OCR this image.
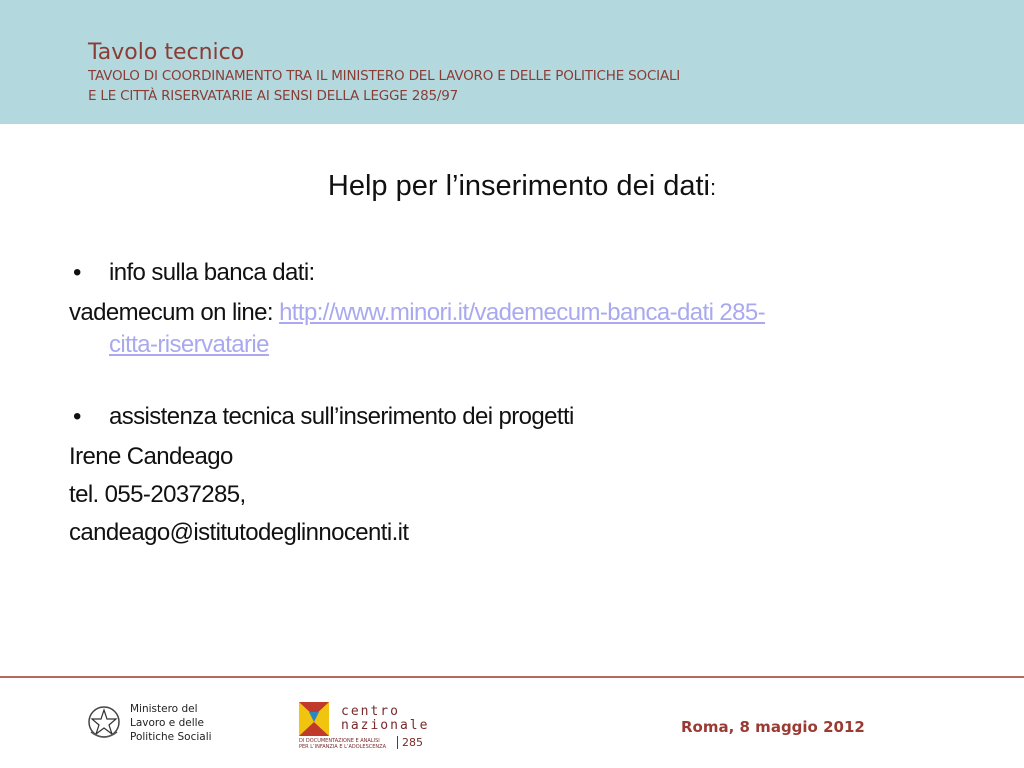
Tavolo tecnico
TAVOLO DI COORDINAMENTO TRA IL MINISTERO DEL LAVORO E DELLE POLITICHE SOCIALI
E LE CITTÀ RISERVATARIE AI SENSI DELLA LEGGE 285/97
Help per l’inserimento dei dati:
• info sulla banca dati:
vademecum on line: http://www.minori.it/vademecum-banca-dati 285-
citta-riservatarie
• assistenza tecnica sull’inserimento dei progetti
Irene Candeago
tel. 055-2037285,
candeago@istitutodeglinnocenti.it
Ministero del
Lavoro e delle
Politiche Sociali
centro
nazionale
DI DOCUMENTAZIONE E ANALISI
PER L’INFANZIA E L’ADOLESCENZA	285
Roma, 8 maggio 2012
